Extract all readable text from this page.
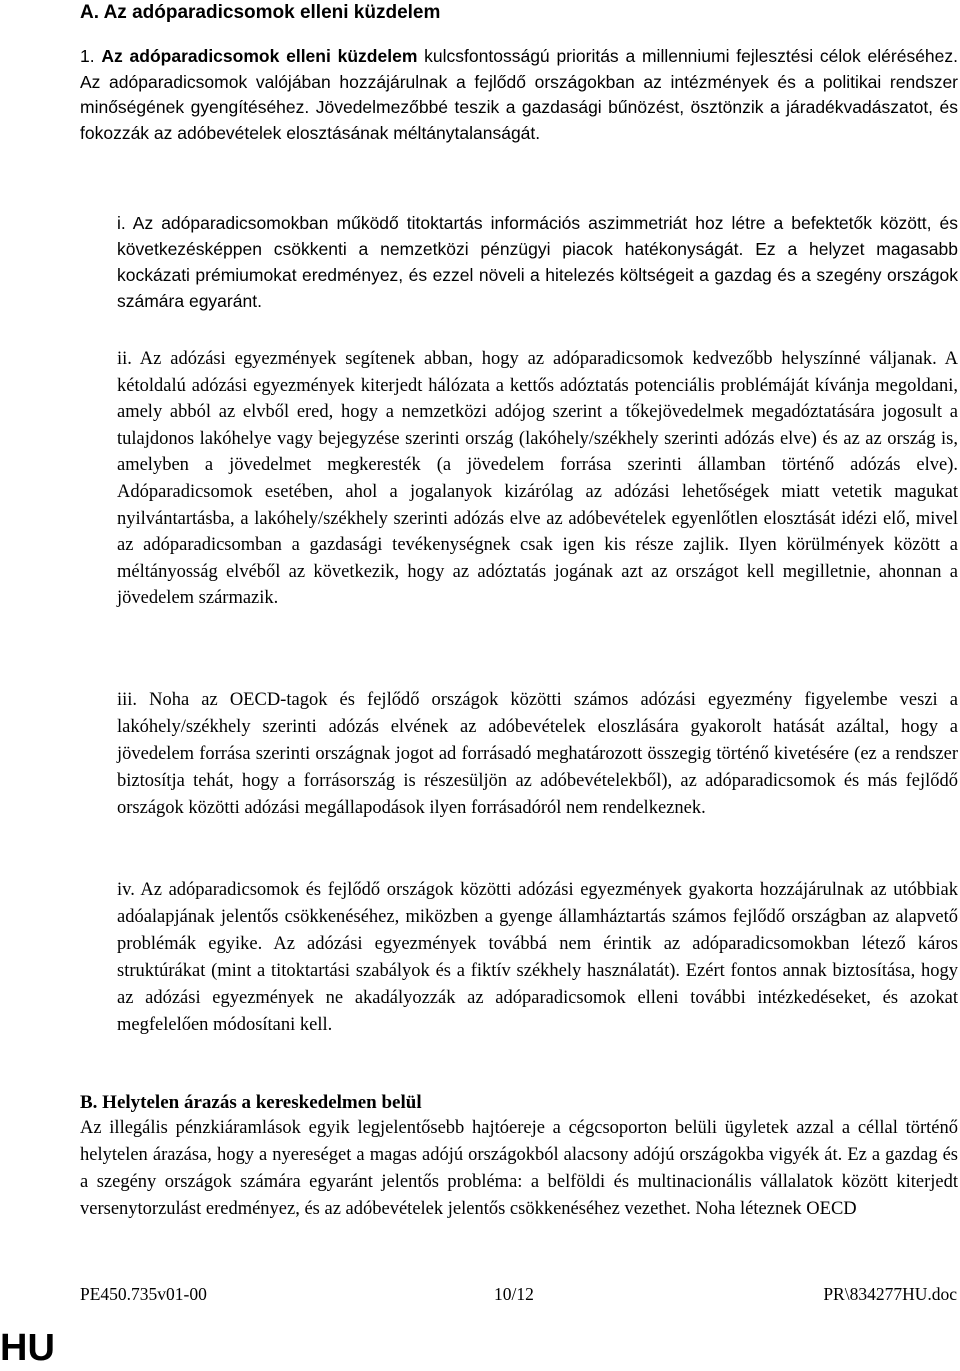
A. Az adóparadicsomok elleni küzdelem

1. Az adóparadicsomok elleni küzdelem kulcsfontosságú prioritás a millenniumi fejlesztési célok eléréséhez. Az adóparadicsomok valójában hozzájárulnak a fejlődő országokban az intézmények és a politikai rendszer minőségének gyengítéséhez. Jövedelmezőbbé teszik a gazdasági bűnözést, ösztönzik a járadékvadászatot, és fokozzák az adóbevételek elosztásának méltánytalanságát.

i. Az adóparadicsomokban működő titoktartás információs aszimmetriát hoz létre a befektetők között, és következésképpen csökkenti a nemzetközi pénzügyi piacok hatékonyságát. Ez a helyzet magasabb kockázati prémiumokat eredményez, és ezzel növeli a hitelezés költségeit a gazdag és a szegény országok számára egyaránt.

ii. Az adózási egyezmények segítenek abban, hogy az adóparadicsomok kedvezőbb helyszínné váljanak. A kétoldalú adózási egyezmények kiterjedt hálózata a kettős adóztatás potenciális problémáját kívánja megoldani, amely abból az elvből ered, hogy a nemzetközi adójog szerint a tőkejövedelmek megadóztatására jogosult a tulajdonos lakóhelye vagy bejegyzése szerinti ország (lakóhely/székhely szerinti adózás elve) és az az ország is, amelyben a jövedelmet megkeresték (a jövedelem forrása szerinti államban történő adózás elve). Adóparadicsomok esetében, ahol a jogalanyok kizárólag az adózási lehetőségek miatt vetetik magukat nyilvántartásba, a lakóhely/székhely szerinti adózás elve az adóbevételek egyenlőtlen elosztását idézi elő, mivel az adóparadicsomban a gazdasági tevékenységnek csak igen kis része zajlik. Ilyen körülmények között a méltányosság elvéből az következik, hogy az adóztatás jogának azt az országot kell megilletnie, ahonnan a jövedelem származik.

iii. Noha az OECD-tagok és fejlődő országok közötti számos adózási egyezmény figyelembe veszi a lakóhely/székhely szerinti adózás elvének az adóbevételek eloszlására gyakorolt hatását azáltal, hogy a jövedelem forrása szerinti országnak jogot ad forrásadó meghatározott összegig történő kivetésére (ez a rendszer biztosítja tehát, hogy a forrásország is részesüljön az adóbevételekből), az adóparadicsomok és más fejlődő országok közötti adózási megállapodások ilyen forrásadóról nem rendelkeznek.

iv. Az adóparadicsomok és fejlődő országok közötti adózási egyezmények gyakorta hozzájárulnak az utóbbiak adóalapjának jelentős csökkenéséhez, miközben a gyenge államháztartás számos fejlődő országban az alapvető problémák egyike. Az adózási egyezmények továbbá nem érintik az adóparadicsomokban létező káros struktúrákat (mint a titoktartási szabályok és a fiktív székhely használatát). Ezért fontos annak biztosítása, hogy az adózási egyezmények ne akadályozzák az adóparadicsomok elleni további intézkedéseket, és azokat megfelelően módosítani kell.

B. Helytelen árazás a kereskedelmen belül

Az illegális pénzkiáramlások egyik legjelentősebb hajtóereje a cégcsoporton belüli ügyletek azzal a céllal történő helytelen árazása, hogy a nyereséget a magas adójú országokból alacsony adójú országokba vigyék át. Ez a gazdag és a szegény országok számára egyaránt jelentős probléma: a belföldi és multinacionális vállalatok között kiterjedt versenytorzulást eredményez, és az adóbevételek jelentős csökkenéséhez vezethet. Noha léteznek OECD

PE450.735v01-00	10/12	PR\834277HU.doc
HU
